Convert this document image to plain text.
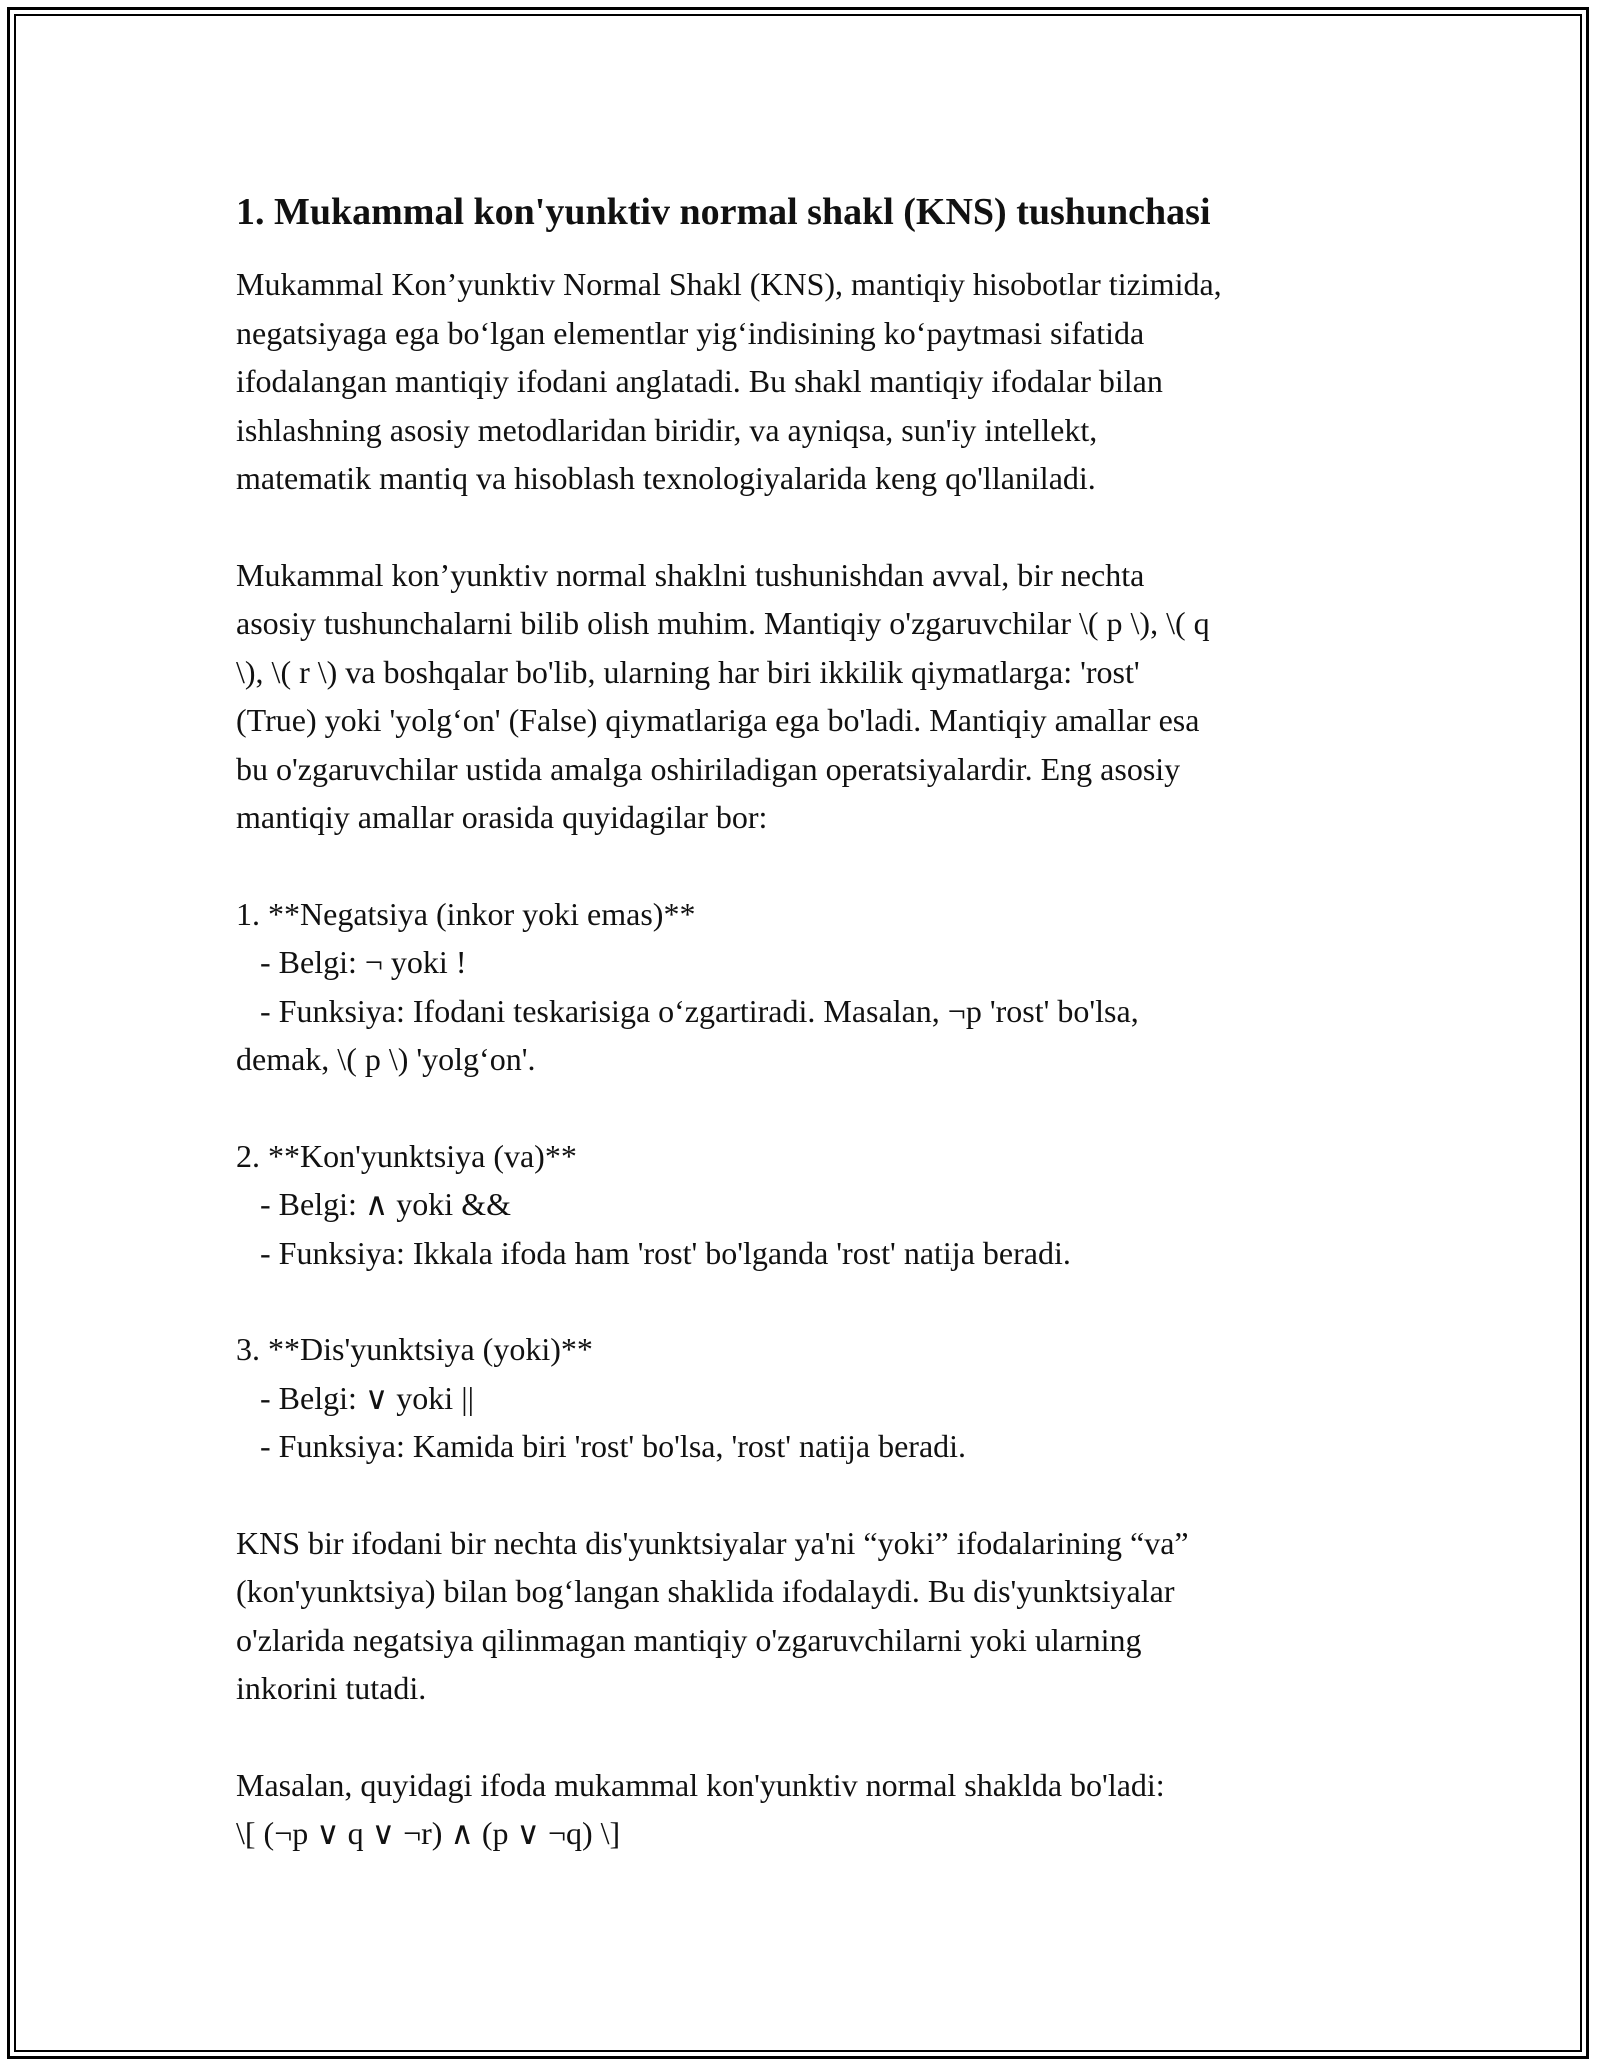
1. Mukammal kon'yunktiv normal shakl (KNS) tushunchasi

Mukammal Kon’yunktiv Normal Shakl (KNS), mantiqiy hisobotlar tizimida,
negatsiyaga ega bo‘lgan elementlar yig‘indisining ko‘paytmasi sifatida
ifodalangan mantiqiy ifodani anglatadi. Bu shakl mantiqiy ifodalar bilan
ishlashning asosiy metodlaridan biridir, va ayniqsa, sun'iy intellekt,
matematik mantiq va hisoblash texnologiyalarida keng qo'llaniladi.

Mukammal kon’yunktiv normal shaklni tushunishdan avval, bir nechta
asosiy tushunchalarni bilib olish muhim. Mantiqiy o'zgaruvchilar \( p \), \( q
\), \( r \) va boshqalar bo'lib, ularning har biri ikkilik qiymatlarga: 'rost'
(True) yoki 'yolg‘on' (False) qiymatlariga ega bo'ladi. Mantiqiy amallar esa
bu o'zgaruvchilar ustida amalga oshiriladigan operatsiyalardir. Eng asosiy
mantiqiy amallar orasida quyidagilar bor:

1. **Negatsiya (inkor yoki emas)**
- Belgi: ¬ yoki !
- Funksiya: Ifodani teskarisiga o‘zgartiradi. Masalan, ¬p 'rost' bo'lsa,
demak, \( p \) 'yolg‘on'.

2. **Kon'yunktsiya (va)**
- Belgi: ∧ yoki &&
- Funksiya: Ikkala ifoda ham 'rost' bo'lganda 'rost' natija beradi.

3. **Dis'yunktsiya (yoki)**
- Belgi: ∨ yoki ||
- Funksiya: Kamida biri 'rost' bo'lsa, 'rost' natija beradi.

KNS bir ifodani bir nechta dis'yunktsiyalar ya'ni “yoki” ifodalarining “va”
(kon'yunktsiya) bilan bog‘langan shaklida ifodalaydi. Bu dis'yunktsiyalar
o'zlarida negatsiya qilinmagan mantiqiy o'zgaruvchilarni yoki ularning
inkorini tutadi.

Masalan, quyidagi ifoda mukammal kon'yunktiv normal shaklda bo'ladi:
\[ (¬p ∨ q ∨ ¬r) ∧ (p ∨ ¬q) \]
